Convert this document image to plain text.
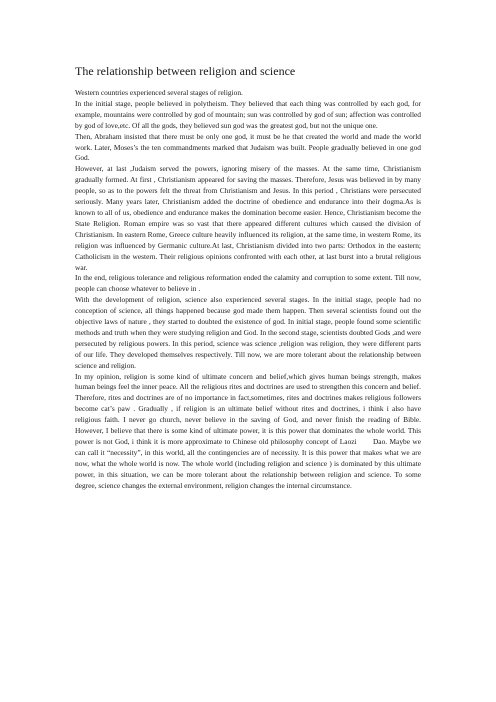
The relationship between religion and science

Western countries experienced several stages of religion.

In the initial stage, people believed in polytheism. They believed that each thing was controlled by each god, for example, mountains were controlled by god of mountain; sun was controlled by god of sun; affection was controlled by god of love,etc. Of all the gods, they believed sun god was the greatest god, but not the unique one.

Then, Abraham insisted that there must be only one god, it must be he that created the world and made the world work. Later, Moses’s the ten commandments marked that Judaism was built. People gradually believed in one god　　God.

However, at last ,Judaism served the powers, ignoring misery of the masses. At the same time, Christianism gradually formed. At first , Christianism appeared for saving the masses. Therefore, Jesus was believed in by many people, so as to the powers felt the threat from Christianism and Jesus. In this period , Christians were persecuted seriously. Many years later, Christianism added the doctrine of obedience and endurance into their dogma.As is known to all of us, obedience and endurance makes the domination become easier. Hence, Christianism become the State Religion. Roman empire was so vast that there appeared different cultures which caused the division of Christianism. In eastern Rome, Greece culture heavily influenced its religion, at the same time, in western Rome, its religion was influenced by Germanic culture.At last, Christianism divided into two parts: Orthodox in the eastern; Catholicism in the western. Their religious opinions confronted with each other, at last burst into a brutal religious war.

In the end, religious tolerance and religious reformation ended the calamity and corruption to some extent. Till now, people can choose whatever to believe in .

With the development of religion, science also experienced several stages. In the initial stage, people had no conception of science, all things happened because god made them happen. Then several scientists found out the objective laws of nature , they started to doubted the existence of god. In initial stage, people found some scientific methods and truth when they were studying religion and God. In the second stage, scientists doubted Gods ,and were persecuted by religious powers. In this period, science was science ,religion was religion, they were different parts of our life. They developed themselves respectively. Till now, we are more tolerant about the relationship between science and religion.

In my opinion, religion is some kind of ultimate concern and belief,which gives human beings strength, makes human beings feel the inner peace. All the religious rites and doctrines are used to strengthen this concern and belief. Therefore, rites and doctrines are of no importance in fact,sometimes, rites and doctrines makes religious followers become cat’s paw . Gradually , if religion is an ultimate belief without rites and doctrines, i think i also have religious faith. I never go church, never believe in the saving of God, and never finish the reading of Bible. However, I believe that there is some kind of ultimate power, it is this power that dominates the whole world. This power is not God, i think it is more approximate to Chinese old philosophy concept of Laozi　　Dao. Maybe we can call it “necessity”, in this world, all the contingencies are of necessity. It is this power that makes what we are now, what the whole world is now. The whole world (including religion and science ) is dominated by this ultimate power, in this situation, we can be more tolerant about the relationship between religion and science. To some degree, science changes the external environment, religion changes the internal circumstance.
